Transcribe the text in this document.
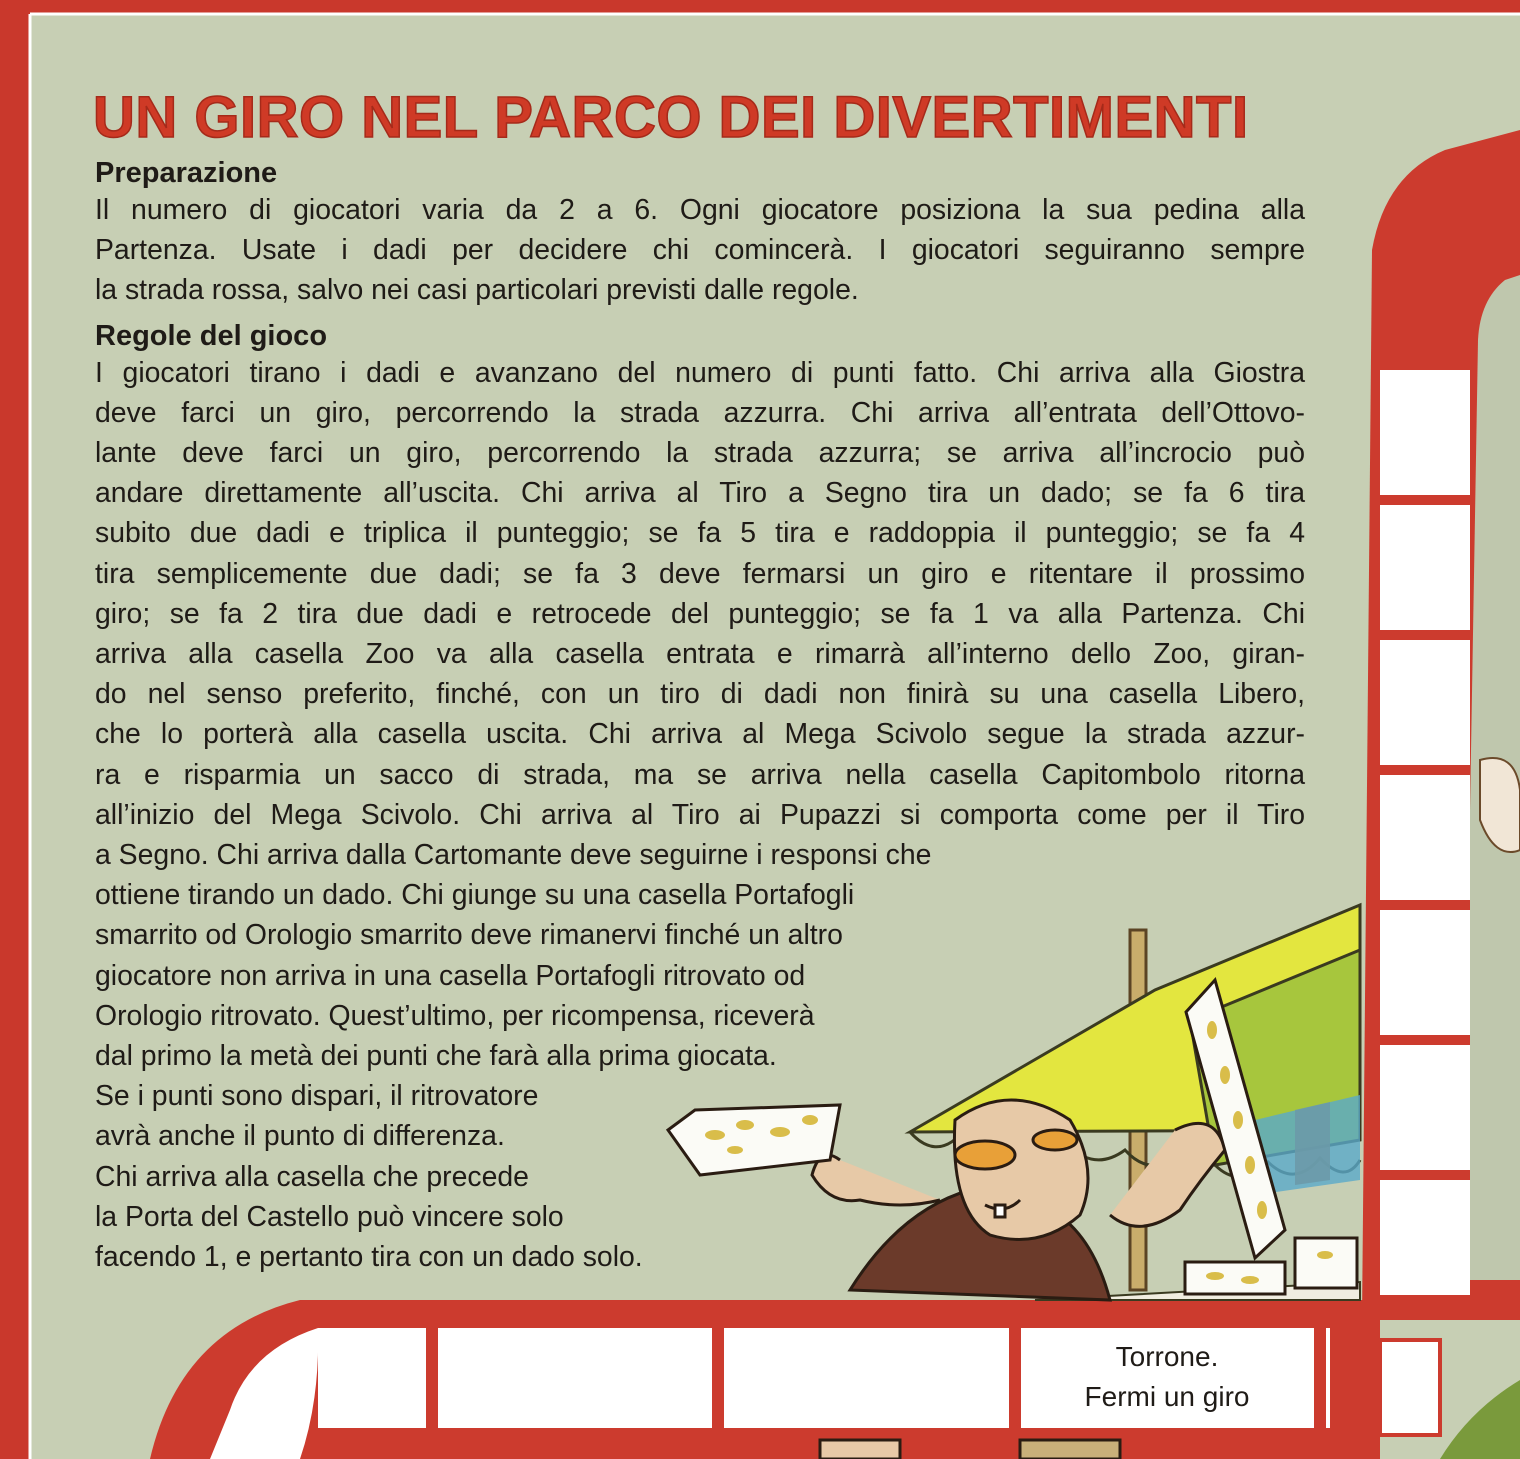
UN GIRO NEL PARCO DEI DIVERTIMENTI
Preparazione
Il numero di giocatori varia da 2 a 6. Ogni giocatore posiziona la sua pedina alla
Partenza. Usate i dadi per decidere chi comincerà. I giocatori seguiranno sempre
la strada rossa, salvo nei casi particolari previsti dalle regole.
Regole del gioco
I giocatori tirano i dadi e avanzano del numero di punti fatto. Chi arriva alla Giostra
deve farci un giro, percorrendo la strada azzurra. Chi arriva all’entrata dell’Ottovo-
lante deve farci un giro, percorrendo la strada azzurra; se arriva all’incrocio può
andare direttamente all’uscita. Chi arriva al Tiro a Segno tira un dado; se fa 6 tira
subito due dadi e triplica il punteggio; se fa 5 tira e raddoppia il punteggio; se fa 4
tira semplicemente due dadi; se fa 3 deve fermarsi un giro e ritentare il prossimo
giro; se fa 2 tira due dadi e retrocede del punteggio; se fa 1 va alla Partenza. Chi
arriva alla casella Zoo va alla casella entrata e rimarrà all’interno dello Zoo, giran-
do nel senso preferito, finché, con un tiro di dadi non finirà su una casella Libero,
che lo porterà alla casella uscita. Chi arriva al Mega Scivolo segue la strada azzur-
ra e risparmia un sacco di strada, ma se arriva nella casella Capitombolo ritorna
all’inizio del Mega Scivolo. Chi arriva al Tiro ai Pupazzi si comporta come per il Tiro
a Segno. Chi arriva dalla Cartomante deve seguirne i responsi che
ottiene tirando un dado. Chi giunge su una casella Portafogli
smarrito od Orologio smarrito deve rimanervi finché un altro
giocatore non arriva in una casella Portafogli ritrovato od
Orologio ritrovato. Quest’ultimo, per ricompensa, riceverà
dal primo la metà dei punti che farà alla prima giocata.
Se i punti sono dispari, il ritrovatore
avrà anche il punto di differenza.
Chi arriva alla casella che precede
la Porta del Castello può vincere solo
facendo 1, e pertanto tira con un dado solo.
Torrone.
Fermi un giro
